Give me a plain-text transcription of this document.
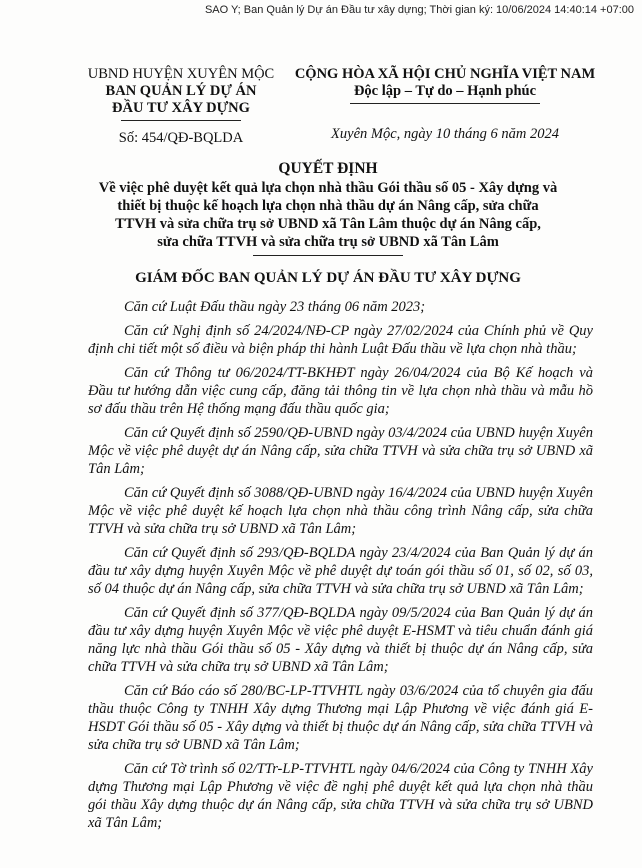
SAO Y; Ban Quản lý Dự án Đầu tư xây dựng; Thời gian ký: 10/06/2024 14:40:14 +07:00
UBND HUYỆN XUYÊN MỘC
BAN QUẢN LÝ DỰ ÁN
ĐẦU TƯ XÂY DỰNG
Số: 454/QĐ-BQLDA
CỘNG HÒA XÃ HỘI CHỦ NGHĨA VIỆT NAM
Độc lập – Tự do – Hạnh phúc
Xuyên Mộc, ngày 10 tháng 6 năm 2024
QUYẾT ĐỊNH
Về việc phê duyệt kết quả lựa chọn nhà thầu Gói thầu số 05 - Xây dựng và
thiết bị thuộc kế hoạch lựa chọn nhà thầu dự án Nâng cấp, sửa chữa
TTVH và sửa chữa trụ sở UBND xã Tân Lâm thuộc dự án Nâng cấp,
sửa chữa TTVH và sửa chữa trụ sở UBND xã Tân Lâm
GIÁM ĐỐC BAN QUẢN LÝ DỰ ÁN ĐẦU TƯ XÂY DỰNG

Căn cứ Luật Đấu thầu ngày 23 tháng 06 năm 2023;

Căn cứ Nghị định số 24/2024/NĐ-CP ngày 27/02/2024 của Chính phủ về Quy định chi tiết một số điều và biện pháp thi hành Luật Đấu thầu về lựa chọn nhà thầu;

Căn cứ Thông tư 06/2024/TT-BKHĐT ngày 26/04/2024 của Bộ Kế hoạch và Đầu tư hướng dẫn việc cung cấp, đăng tải thông tin về lựa chọn nhà thầu và mẫu hồ sơ đấu thầu trên Hệ thống mạng đấu thầu quốc gia;

Căn cứ Quyết định số 2590/QĐ-UBND ngày 03/4/2024 của UBND huyện Xuyên Mộc về việc phê duyệt dự án Nâng cấp, sửa chữa TTVH và sửa chữa trụ sở UBND xã Tân Lâm;

Căn cứ Quyết định số 3088/QĐ-UBND ngày 16/4/2024 của UBND huyện Xuyên Mộc về việc phê duyệt kế hoạch lựa chọn nhà thầu công trình Nâng cấp, sửa chữa TTVH và sửa chữa trụ sở UBND xã Tân Lâm;

Căn cứ Quyết định số 293/QĐ-BQLDA ngày 23/4/2024 của Ban Quản lý dự án đầu tư xây dựng huyện Xuyên Mộc về phê duyệt dự toán gói thầu số 01, số 02, số 03, số 04 thuộc dự án Nâng cấp, sửa chữa TTVH và sửa chữa trụ sở UBND xã Tân Lâm;

Căn cứ Quyết định số 377/QĐ-BQLDA ngày 09/5/2024 của Ban Quản lý dự án đầu tư xây dựng huyện Xuyên Mộc về việc phê duyệt E-HSMT và tiêu chuẩn đánh giá năng lực nhà thầu Gói thầu số 05 - Xây dựng và thiết bị thuộc dự án Nâng cấp, sửa chữa TTVH và sửa chữa trụ sở UBND xã Tân Lâm;

Căn cứ Báo cáo số 280/BC-LP-TTVHTL ngày 03/6/2024 của tổ chuyên gia đấu thầu thuộc Công ty TNHH Xây dựng Thương mại Lập Phương về việc đánh giá E-HSDT Gói thầu số 05 - Xây dựng và thiết bị thuộc dự án Nâng cấp, sửa chữa TTVH và sửa chữa trụ sở UBND xã Tân Lâm;

Căn cứ Tờ trình số 02/TTr-LP-TTVHTL ngày 04/6/2024 của Công ty TNHH Xây dựng Thương mại Lập Phương về việc đề nghị phê duyệt kết quả lựa chọn nhà thầu gói thầu Xây dựng thuộc dự án Nâng cấp, sửa chữa TTVH và sửa chữa trụ sở UBND xã Tân Lâm;
